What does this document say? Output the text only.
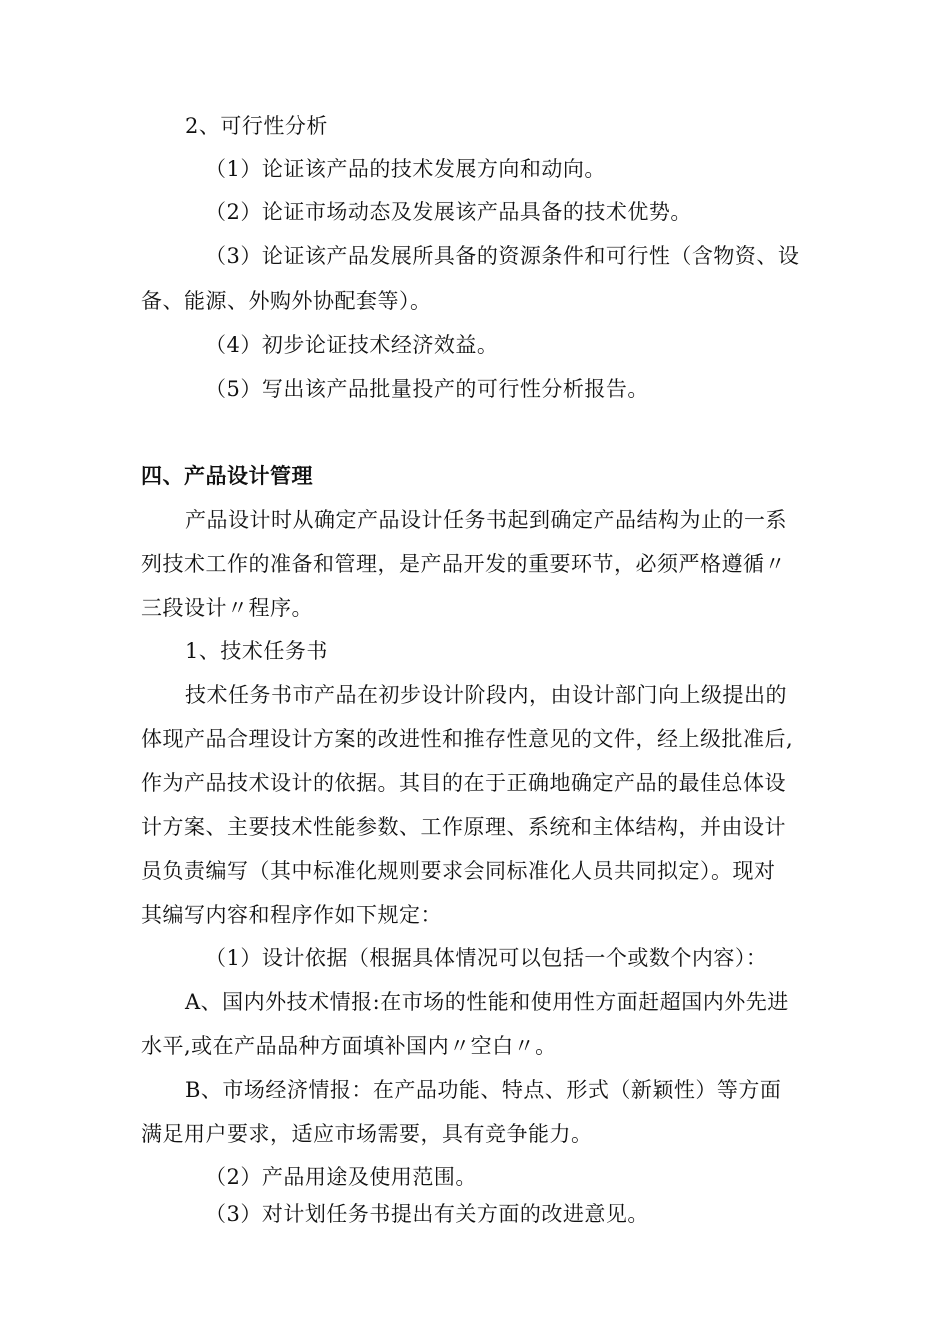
2、可行性分析
（1）论证该产品的技术发展方向和动向。
（2）论证市场动态及发展该产品具备的技术优势。
（3）论证该产品发展所具备的资源条件和可行性（含物资、设
备、能源、外购外协配套等）。
（4）初步论证技术经济效益。
（5）写出该产品批量投产的可行性分析报告。
四、产品设计管理
产品设计时从确定产品设计任务书起到确定产品结构为止的一系
列技术工作的准备和管理，是产品开发的重要环节，必须严格遵循〃
三段设计〃程序。
1、技术任务书
技术任务书市产品在初步设计阶段内，由设计部门向上级提出的
体现产品合理设计方案的改进性和推存性意见的文件，经上级批准后,
作为产品技术设计的依据。其目的在于正确地确定产品的最佳总体设
计方案、主要技术性能参数、工作原理、系统和主体结构，并由设计
员负责编写（其中标准化规则要求会同标准化人员共同拟定）。现对
其编写内容和程序作如下规定：
（1）设计依据（根据具体情况可以包括一个或数个内容）：
A、国内外技术情报:在市场的性能和使用性方面赶超国内外先进
水平,或在产品品种方面填补国内〃空白〃。
B、市场经济情报：在产品功能、特点、形式（新颖性）等方面
满足用户要求，适应市场需要，具有竞争能力。
（2）产品用途及使用范围。
（3）对计划任务书提出有关方面的改进意见。
